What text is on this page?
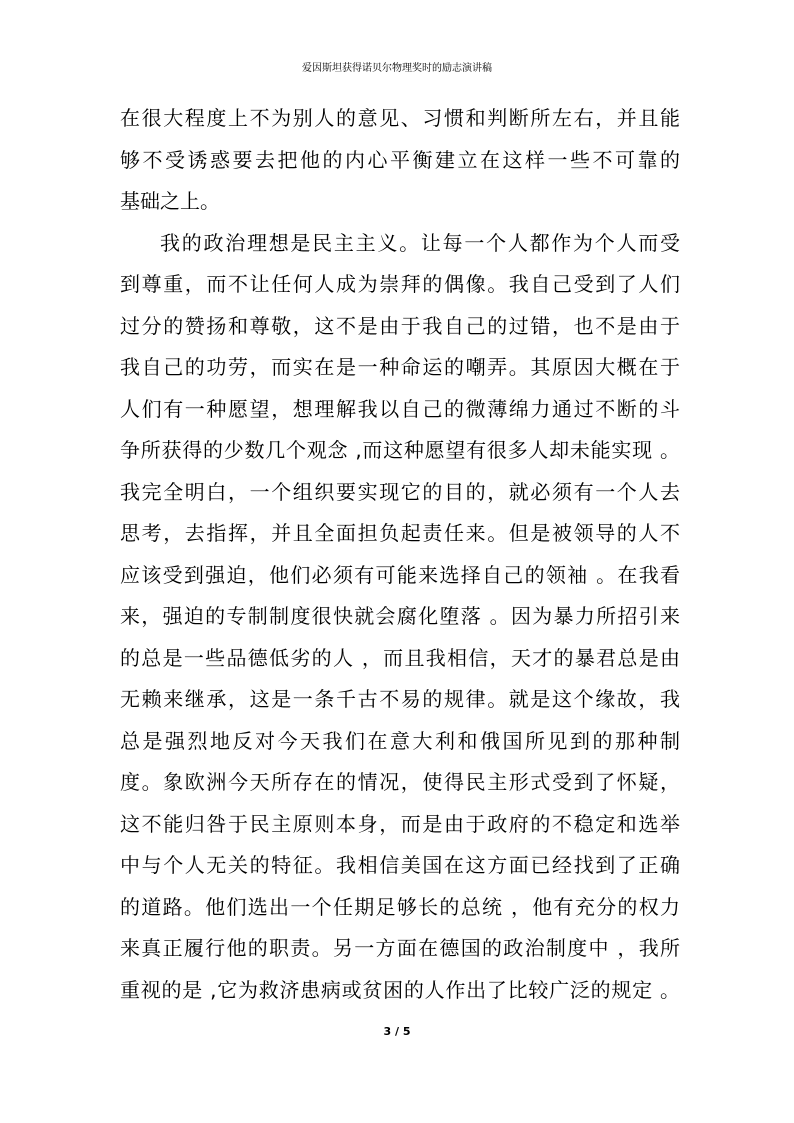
爱因斯坦获得诺贝尔物理奖时的励志演讲稿
在很大程度上不为别人的意见、习惯和判断所左右，并且能
够不受诱惑要去把他的内心平衡建立在这样一些不可靠的
基础之上。
我的政治理想是民主主义。让每一个人都作为个人而受
到尊重，而不让任何人成为崇拜的偶像。我自己受到了人们
过分的赞扬和尊敬，这不是由于我自己的过错，也不是由于
我自己的功劳，而实在是一种命运的嘲弄。其原因大概在于
人们有一种愿望，想理解我以自己的微薄绵力通过不断的斗
争所获得的少数几个观念 ,而这种愿望有很多人却未能实现 。
我完全明白，一个组织要实现它的目的，就必须有一个人去
思考，去指挥，并且全面担负起责任来。但是被领导的人不
应该受到强迫，他们必须有可能来选择自己的领袖 。在我看
来，强迫的专制制度很快就会腐化堕落 。因为暴力所招引来
的总是一些品德低劣的人 ，而且我相信，天才的暴君总是由
无赖来继承，这是一条千古不易的规律。就是这个缘故，我
总是强烈地反对今天我们在意大利和俄国所见到的那种制
度。象欧洲今天所存在的情况，使得民主形式受到了怀疑，
这不能归咎于民主原则本身，而是由于政府的不稳定和选举
中与个人无关的特征。我相信美国在这方面已经找到了正确
的道路。他们选出一个任期足够长的总统 ，他有充分的权力
来真正履行他的职责。另一方面在德国的政治制度中 ，我所
重视的是 ,它为救济患病或贫困的人作出了比较广泛的规定 。
3 / 5
